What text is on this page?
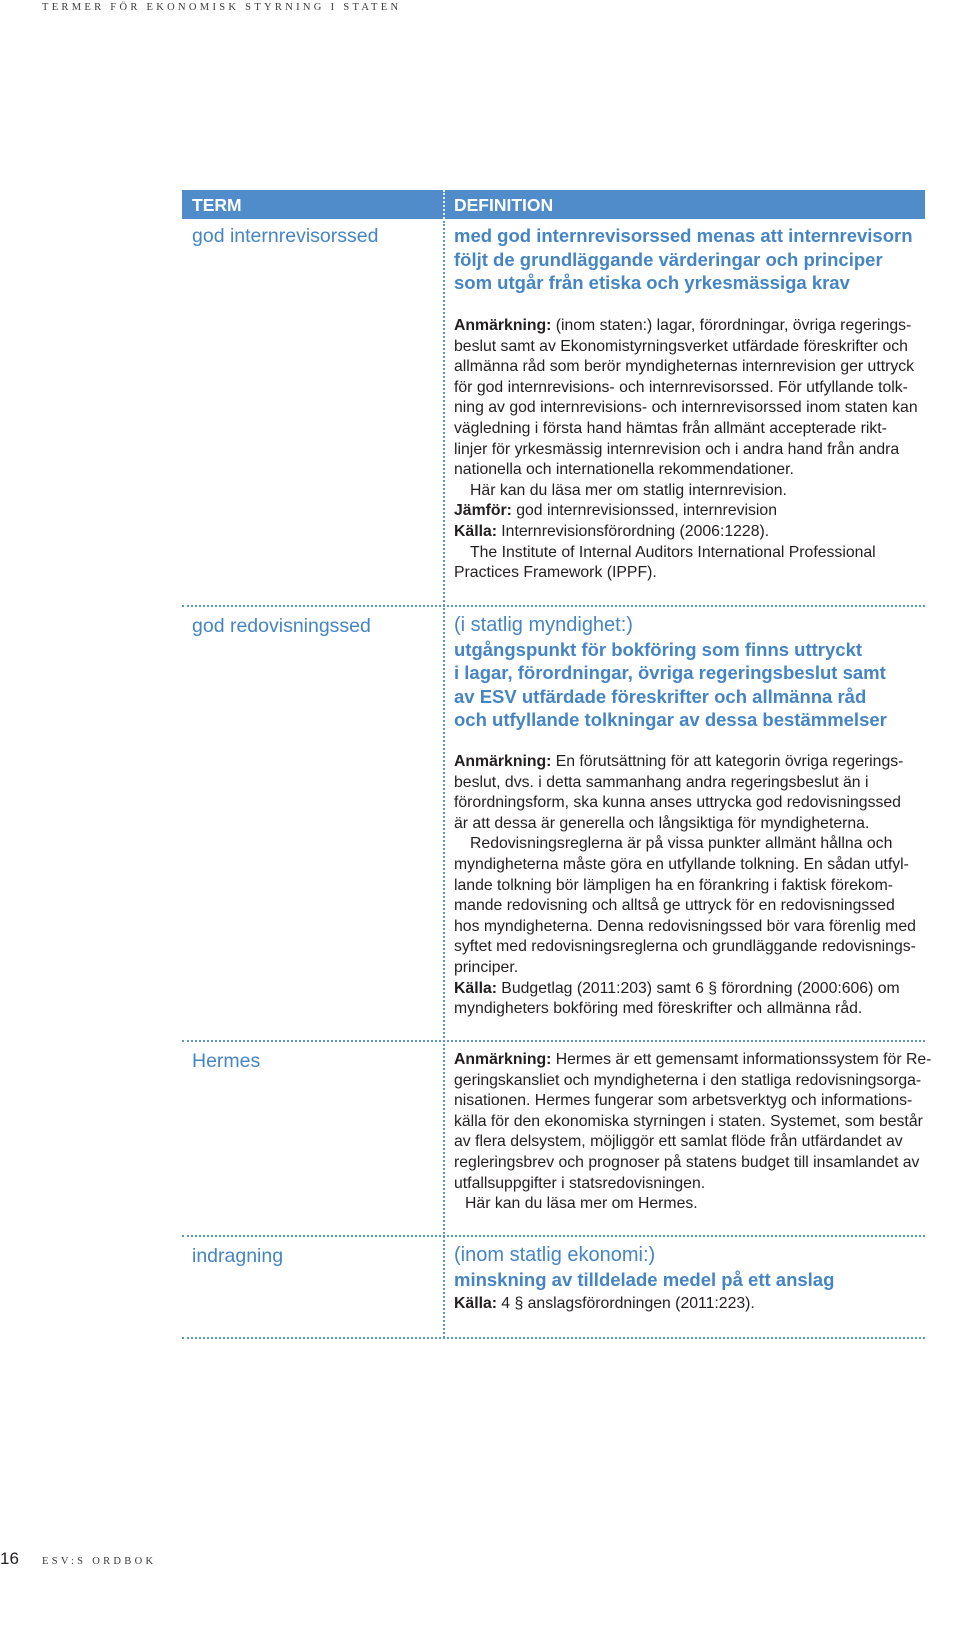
TERMER FÖR EKONOMISK STYRNING I STATEN
TERM	DEFINITION
god internrevisorssed	med god internrevisorssed menas att internrevisorn
följt de grundläggande värderingar och principer
som utgår från etiska och yrkesmässiga krav
Anmärkning: (inom staten:) lagar, förordningar, övriga regerings-
beslut samt av Ekonomistyrningsverket utfärdade föreskrifter och
allmänna råd som berör myndigheternas internrevision ger uttryck
för god internrevisions- och internrevisorssed. För utfyllande tolk-
ning av god internrevisions- och internrevisorssed inom staten kan
vägledning i första hand hämtas från allmänt accepterade rikt-
linjer för yrkesmässig internrevision och i andra hand från andra
nationella och internationella rekommendationer.
Här kan du läsa mer om statlig internrevision.
Jämför: god internrevisionssed, internrevision
Källa: Internrevisionsförordning (2006:1228).
The Institute of Internal Auditors International Professional
Practices Framework (IPPF).
god redovisningssed	(i statlig myndighet:)
utgångspunkt för bokföring som finns uttryckt
i lagar, förordningar, övriga regeringsbeslut samt
av ESV utfärdade föreskrifter och allmänna råd
och utfyllande tolkningar av dessa bestämmelser
Anmärkning: En förutsättning för att kategorin övriga regerings-
beslut, dvs. i detta sammanhang andra regeringsbeslut än i
förordningsform, ska kunna anses uttrycka god redovisningssed
är att dessa är generella och långsiktiga för myndigheterna.
Redovisningsreglerna är på vissa punkter allmänt hållna och
myndigheterna måste göra en utfyllande tolkning. En sådan utfyl-
lande tolkning bör lämpligen ha en förankring i faktisk förekom-
mande redovisning och alltså ge uttryck för en redovisningssed
hos myndigheterna. Denna redovisningssed bör vara förenlig med
syftet med redovisningsreglerna och grundläggande redovisnings-
principer.
Källa: Budgetlag (2011:203) samt 6 § förordning (2000:606) om
myndigheters bokföring med föreskrifter och allmänna råd.
Hermes	Anmärkning: Hermes är ett gemensamt informationssystem för Re-
geringskansliet och myndigheterna i den statliga redovisningsorga-
nisationen. Hermes fungerar som arbetsverktyg och informations-
källa för den ekonomiska styrningen i staten. Systemet, som består
av flera delsystem, möjliggör ett samlat flöde från utfärdandet av
regleringsbrev och prognoser på statens budget till insamlandet av
utfallsuppgifter i statsredovisningen.
Här kan du läsa mer om Hermes.
indragning	(inom statlig ekonomi:)
minskning av tilldelade medel på ett anslag
Källa: 4 § anslagsförordningen (2011:223).
16 ESV:S ORDBOK
